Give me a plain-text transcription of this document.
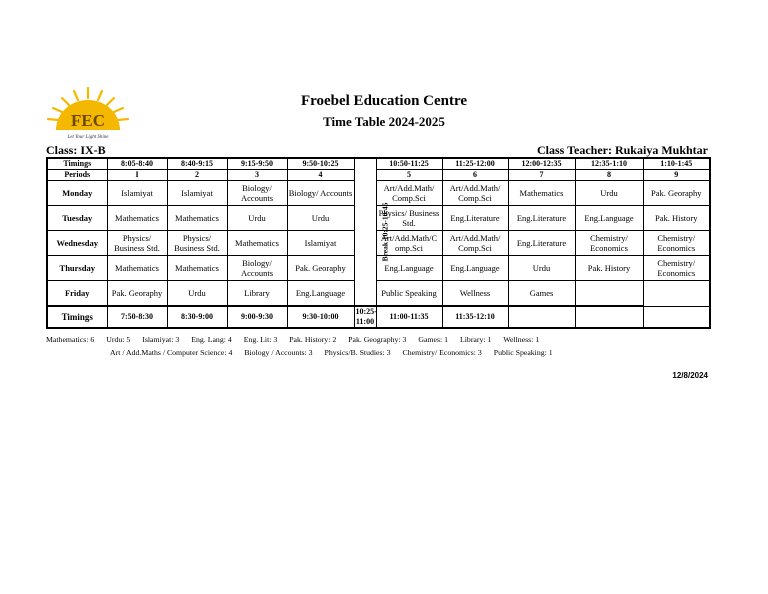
FEC
Let Your Light Shine
Froebel Education Centre
Time Table 2024-2025
Class: IX-B	Class Teacher: Rukaiya Mukhtar
Timings	8:05-8:40	8:40-9:15	9:15-9:50	9:50-10:25	Break 10:25-10:45	10:50-11:25	11:25-12:00	12:00-12:35	12:35-1:10	1:10-1:45
Periods	I	2	3	4		5	6	7	8	9
Monday	Islamiyat	Islamiyat	Biology/ Accounts	Biology/ Accounts		Art/Add.Math/ Comp.Sci	Art/Add.Math/ Comp.Sci	Mathematics	Urdu	Pak. Georaphy
Tuesday	Mathematics	Mathematics	Urdu	Urdu		Physics/ Business Std.	Eng.Literature	Eng.Literature	Eng.Language	Pak. History
Wednesday	Physics/ Business Std.	Physics/ Business Std.	Mathematics	Islamiyat		Art/Add.Math/C omp.Sci	Art/Add.Math/ Comp.Sci	Eng.Literature	Chemistry/ Economics	Chemistry/ Economics
Thursday	Mathematics	Mathematics	Biology/ Accounts	Pak. Georaphy		Eng.Language	Eng.Language	Urdu	Pak. History	Chemistry/ Economics
Friday	Pak. Georaphy	Urdu	Library	Eng.Language		Public Speaking	Wellness	Games		
Timings	7:50-8:30	8:30-9:00	9:00-9:30	9:30-10:00	10:25-11:00	11:00-11:35	11:35-12:10			
Mathematics: 6 Urdu: 5 Islamiyat: 3 Eng. Lang: 4 Eng. Lit: 3 Pak. History: 2 Pak. Geography: 3 Games: 1 Library: 1 Wellness: 1
Art / Add.Maths / Computer Science: 4 Biology / Accounts: 3 Physics/B. Studies: 3 Chemistry/ Economics: 3 Public Speaking: 1
12/8/2024
